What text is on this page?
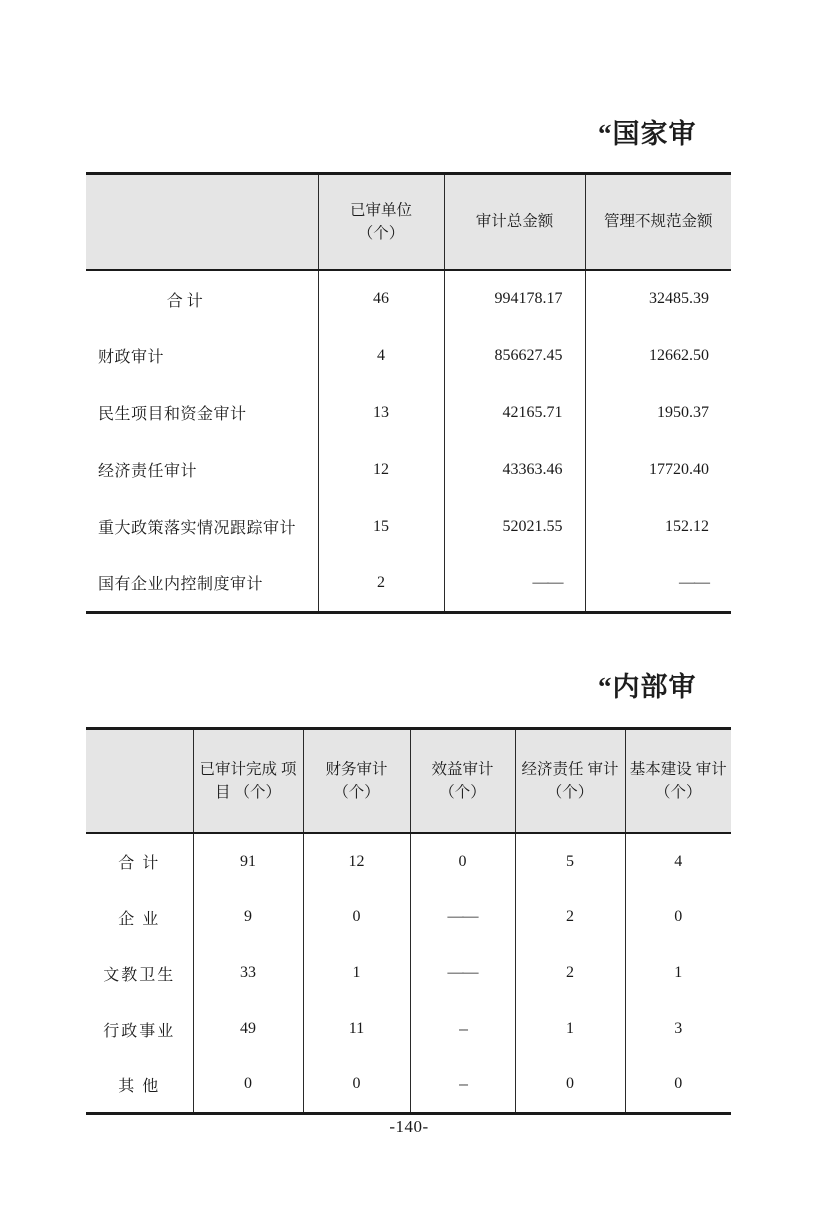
“国家审

	已审单位
（个）	审计总金额	管理不规范金额

合 计	46	994178.17	32485.39
财政审计	4	856627.45	12662.50
民生项目和资金审计	13	42165.71	1950.37
经济责任审计	12	43363.46	17720.40
重大政策落实情况跟踪审计	15	52021.55	152.12
国有企业内控制度审计	2	——	——
“内部审
	已审计完成 项目 （个）	财务审计 （个）	效益审计 （个）	经济责任 审计 （个）	基本建设 审计 （个）
合 计	91	12	0	5	4
企 业	9	0	——	2	0
文教卫生	33	1	——	2	1
行政事业	49	11	---	1	3
其 他	0	0	---	0	0
-140-
